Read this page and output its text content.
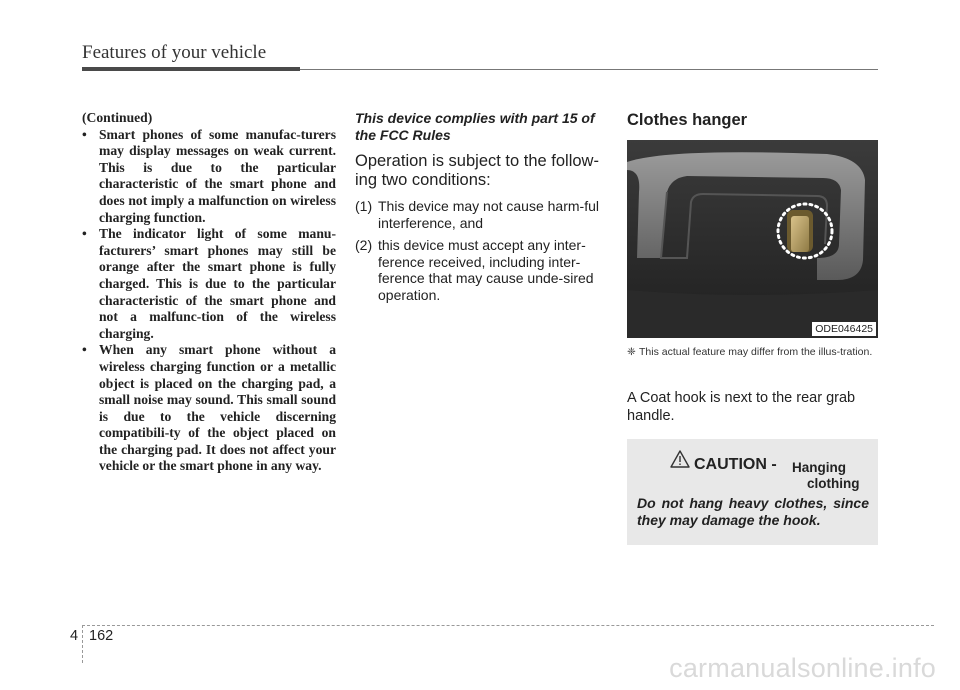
Features of your vehicle
(Continued)
• Smart phones of some manufac-turers may display messages on weak current. This is due to the particular characteristic of the smart phone and does not imply a malfunction on wireless charging function.
• The indicator light of some manu-facturers’ smart phones may still be orange after the smart phone is fully charged. This is due to the particular characteristic of the smart phone and not a malfunc-tion of the wireless charging.
• When any smart phone without a wireless charging function or a metallic object is placed on the charging pad, a small noise may sound. This small sound is due to the vehicle discerning compatibili-ty of the object placed on the charging pad. It does not affect your vehicle or the smart phone in any way.

This device complies with part 15 of the FCC Rules

Operation is subject to the follow-ing two conditions:

(1) This device may not cause harm-ful interference, and
(2) this device must accept any inter-ference received, including inter-ference that may cause unde-sired operation.
Clothes hanger
ODE046425
❈ This actual feature may differ from the illus-tration.
A Coat hook is next to the rear grab handle.
CAUTION - Hanging
clothing
Do not hang heavy clothes, since they may damage the hook.
4 162
carmanualsonline.info
